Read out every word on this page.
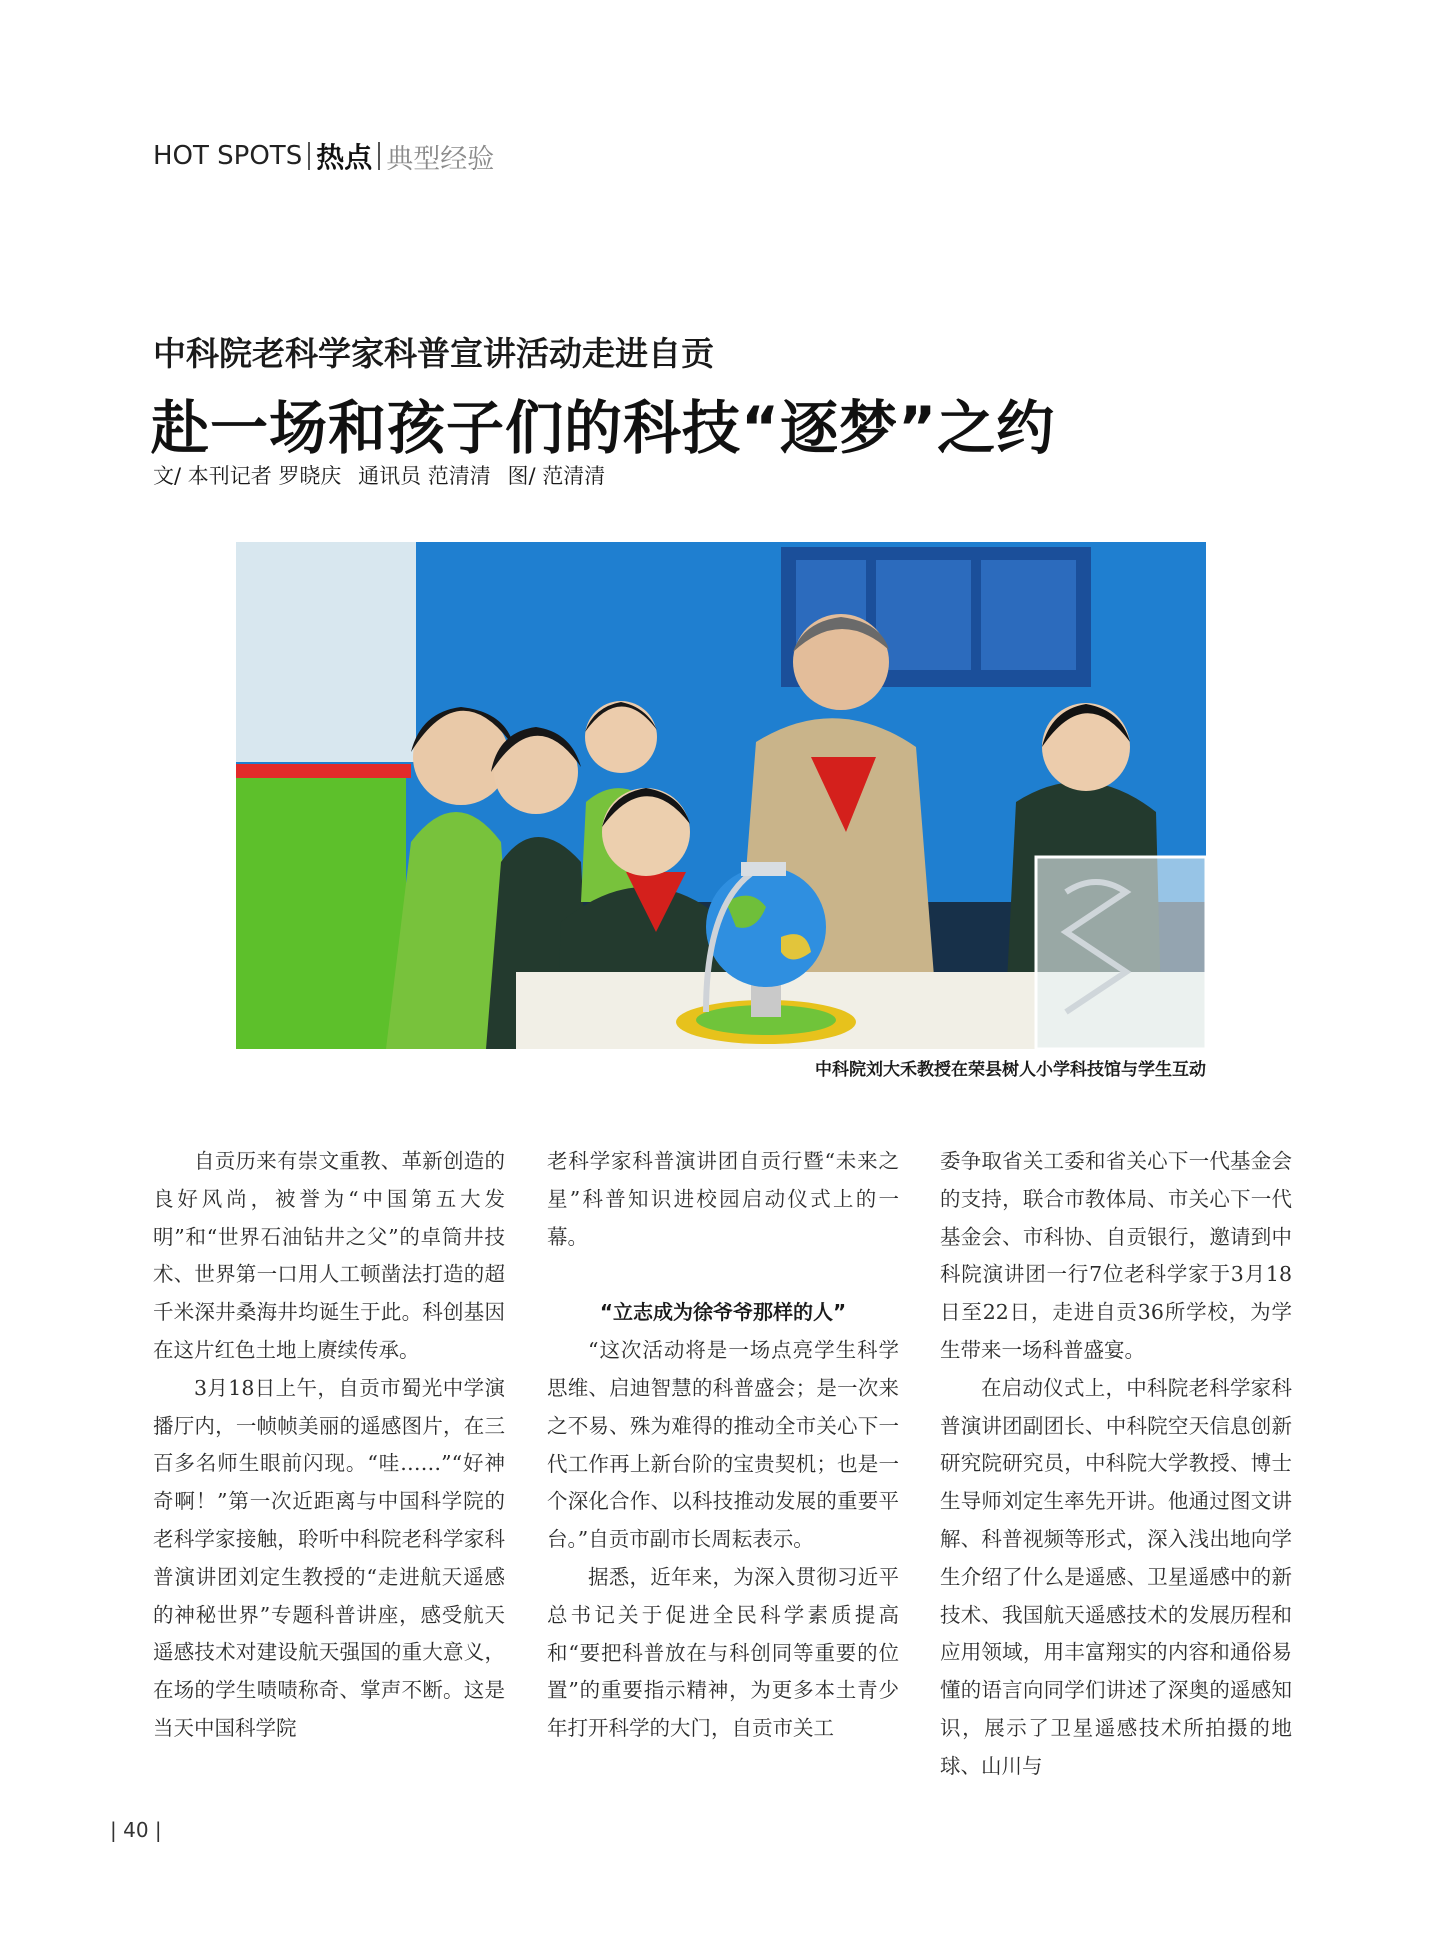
HOT SPOTS 热点 典型经验
中科院老科学家科普宣讲活动走进自贡
赴一场和孩子们的科技“逐梦”之约
文/ 本刊记者 罗晓庆 通讯员 范清清 图/ 范清清
中科院刘大禾教授在荣县树人小学科技馆与学生互动

自贡历来有崇文重教、革新创造的良好风尚，被誉为“中国第五大发明”和“世界石油钻井之父”的卓筒井技术、世界第一口用人工顿凿法打造的超千米深井桑海井均诞生于此。科创基因在这片红色土地上赓续传承。

3月18日上午，自贡市蜀光中学演播厅内，一帧帧美丽的遥感图片，在三百多名师生眼前闪现。“哇……”“好神奇啊！”第一次近距离与中国科学院的老科学家接触，聆听中科院老科学家科普演讲团刘定生教授的“走进航天遥感的神秘世界”专题科普讲座，感受航天遥感技术对建设航天强国的重大意义，在场的学生啧啧称奇、掌声不断。这是当天中国科学院

老科学家科普演讲团自贡行暨“未来之星”科普知识进校园启动仪式上的一幕。

“立志成为徐爷爷那样的人”

“这次活动将是一场点亮学生科学思维、启迪智慧的科普盛会；是一次来之不易、殊为难得的推动全市关心下一代工作再上新台阶的宝贵契机；也是一个深化合作、以科技推动发展的重要平台。”自贡市副市长周耘表示。

据悉，近年来，为深入贯彻习近平总书记关于促进全民科学素质提高和“要把科普放在与科创同等重要的位置”的重要指示精神，为更多本土青少年打开科学的大门，自贡市关工

委争取省关工委和省关心下一代基金会的支持，联合市教体局、市关心下一代基金会、市科协、自贡银行，邀请到中科院演讲团一行7位老科学家于3月18日至22日，走进自贡36所学校，为学生带来一场科普盛宴。

在启动仪式上，中科院老科学家科普演讲团副团长、中科院空天信息创新研究院研究员，中科院大学教授、博士生导师刘定生率先开讲。他通过图文讲解、科普视频等形式，深入浅出地向学生介绍了什么是遥感、卫星遥感中的新技术、我国航天遥感技术的发展历程和应用领域，用丰富翔实的内容和通俗易懂的语言向同学们讲述了深奥的遥感知识，展示了卫星遥感技术所拍摄的地球、山川与

| 40 |
